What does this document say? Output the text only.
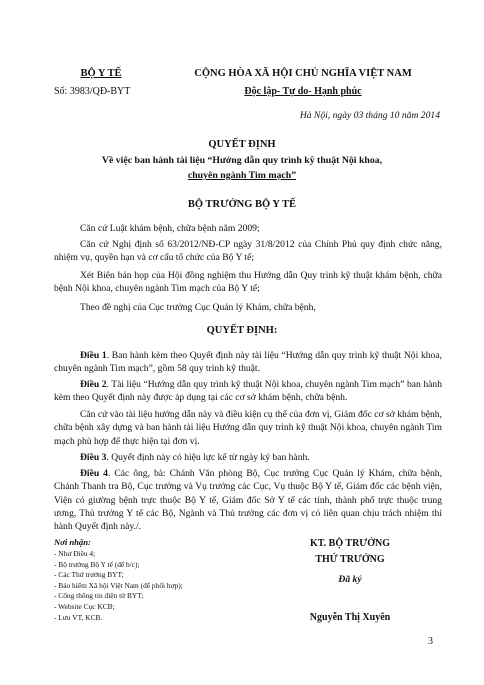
BỘ Y TẾ
Số: 3983/QĐ-BYT
CỘNG HÒA XÃ HỘI CHỦ NGHĨA VIỆT NAM
Độc lập- Tự do- Hạnh phúc
Hà Nội, ngày 03 tháng 10 năm 2014
QUYẾT ĐỊNH
Về việc ban hành tài liệu “Hướng dẫn quy trình kỹ thuật Nội khoa,
chuyên ngành Tim mạch”
BỘ TRƯỞNG BỘ Y TẾ
Căn cứ Luật khám bệnh, chữa bệnh năm 2009;
Căn cứ Nghị định số 63/2012/NĐ-CP ngày 31/8/2012 của Chính Phủ quy định chức năng, nhiệm vụ, quyền hạn và cơ cấu tổ chức của Bộ Y tế;
Xét Biên bản họp của Hội đồng nghiệm thu Hướng dẫn Quy trình kỹ thuật khám bệnh, chữa bệnh Nội khoa, chuyên ngành Tim mạch của Bộ Y tế;
Theo đề nghị của Cục trưởng Cục Quản lý Khám, chữa bệnh,
QUYẾT ĐỊNH:
Điều 1. Ban hành kèm theo Quyết định này tài liệu “Hướng dẫn quy trình kỹ thuật Nội khoa, chuyên ngành Tim mạch”, gồm 58 quy trình kỹ thuật.
Điều 2. Tài liệu “Hướng dẫn quy trình kỹ thuật Nội khoa, chuyên ngành Tim mạch” ban hành kèm theo Quyết định này được áp dụng tại các cơ sở khám bệnh, chữa bệnh.
Căn cứ vào tài liệu hướng dẫn này và điều kiện cụ thể của đơn vị, Giám đốc cơ sở khám bệnh, chữa bệnh xây dựng và ban hành tài liệu Hướng dẫn quy trình kỹ thuật Nội khoa, chuyên ngành Tim mạch phù hợp để thực hiện tại đơn vị.
Điều 3. Quyết định này có hiệu lực kể từ ngày ký ban hành.
Điều 4. Các ông, bà: Chánh Văn phòng Bộ, Cục trưởng Cục Quản lý Khám, chữa bệnh, Chánh Thanh tra Bộ, Cục trưởng và Vụ trưởng các Cục, Vụ thuộc Bộ Y tế, Giám đốc các bệnh viện, Viện có giường bệnh trực thuộc Bộ Y tế, Giám đốc Sở Y tế các tỉnh, thành phố trực thuộc trung ương, Thủ trưởng Y tế các Bộ, Ngành và Thủ trưởng các đơn vị có liên quan chịu trách nhiệm thi hành Quyết định này./.
Nơi nhận:
- Như Điều 4;
- Bộ trưởng Bộ Y tế (để b/c);
- Các Thứ trưởng BYT;
- Bảo hiểm Xã hội Việt Nam (để phối hợp);
- Cổng thông tin điện tử BYT;
- Website Cục KCB;
- Lưu VT, KCB.
KT. BỘ TRƯỞNG
THỨ TRƯỞNG
Đã ký
Nguyễn Thị Xuyên
3
